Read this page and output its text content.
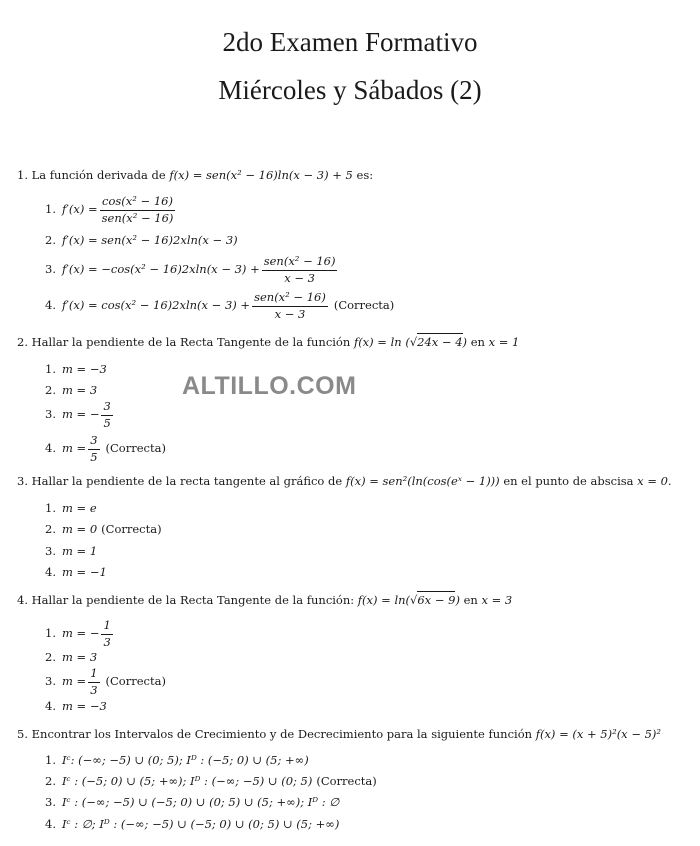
2do Examen Formativo
Miércoles y Sábados (2)
ALTILLO.COM
1. La función derivada de f(x) = sen(x² − 16)ln(x − 3) + 5 es:
1. $f'(x) = \frac{\text{cos(x² − 16)}}{\text{sen(x² − 16)}}$
2. f′(x) = sen(x² − 16)2xln(x − 3)
3. $f'(x) = -\cos(x^2 - 16)2xln(x - 3) + \frac{\text{sen(x² − 16)}}{x - 3}$
4. $f'(x) = \cos(x^2 - 16)2xln(x - 3) + \frac{\text{sen(x² − 16)}}{x - 3}$ (Correcta)
2. Hallar la pendiente de la Recta Tangente de la función f(x) = ln (√24x − 4) en x = 1
1. m = −3
2. m = 3
3. m = − $\frac{3}{5}$
4. $m = \frac{3}{5}$ (Correcta)
3. Hallar la pendiente de la recta tangente al gráfico de f(x) = sen²(ln(cos(eˣ − 1))) en el punto de abscisa x = 0.
1. m = e
2. m = 0 (Correcta)
3. m = 1
4. m = −1
4. Hallar la pendiente de la Recta Tangente de la función: f(x) = ln(√6x − 9) en x = 3
1. m = − $\frac{1}{3}$
2. m = 3
3. $m = \frac{1}{3}$ (Correcta)
4. m = −3
5. Encontrar los Intervalos de Crecimiento y de Decrecimiento para la siguiente función f(x) = (x + 5)²(x − 5)²
1. Iᶜ: (−∞; −5) ∪ (0; 5); Iᴰ : (−5; 0) ∪ (5; +∞)
2. Iᶜ : (−5; 0) ∪ (5; +∞); Iᴰ : (−∞; −5) ∪ (0; 5) (Correcta)
3. Iᶜ : (−∞; −5) ∪ (−5; 0) ∪ (0; 5) ∪ (5; +∞); Iᴰ : ∅
4. Iᶜ : ∅; Iᴰ : (−∞; −5) ∪ (−5; 0) ∪ (0; 5) ∪ (5; +∞)
